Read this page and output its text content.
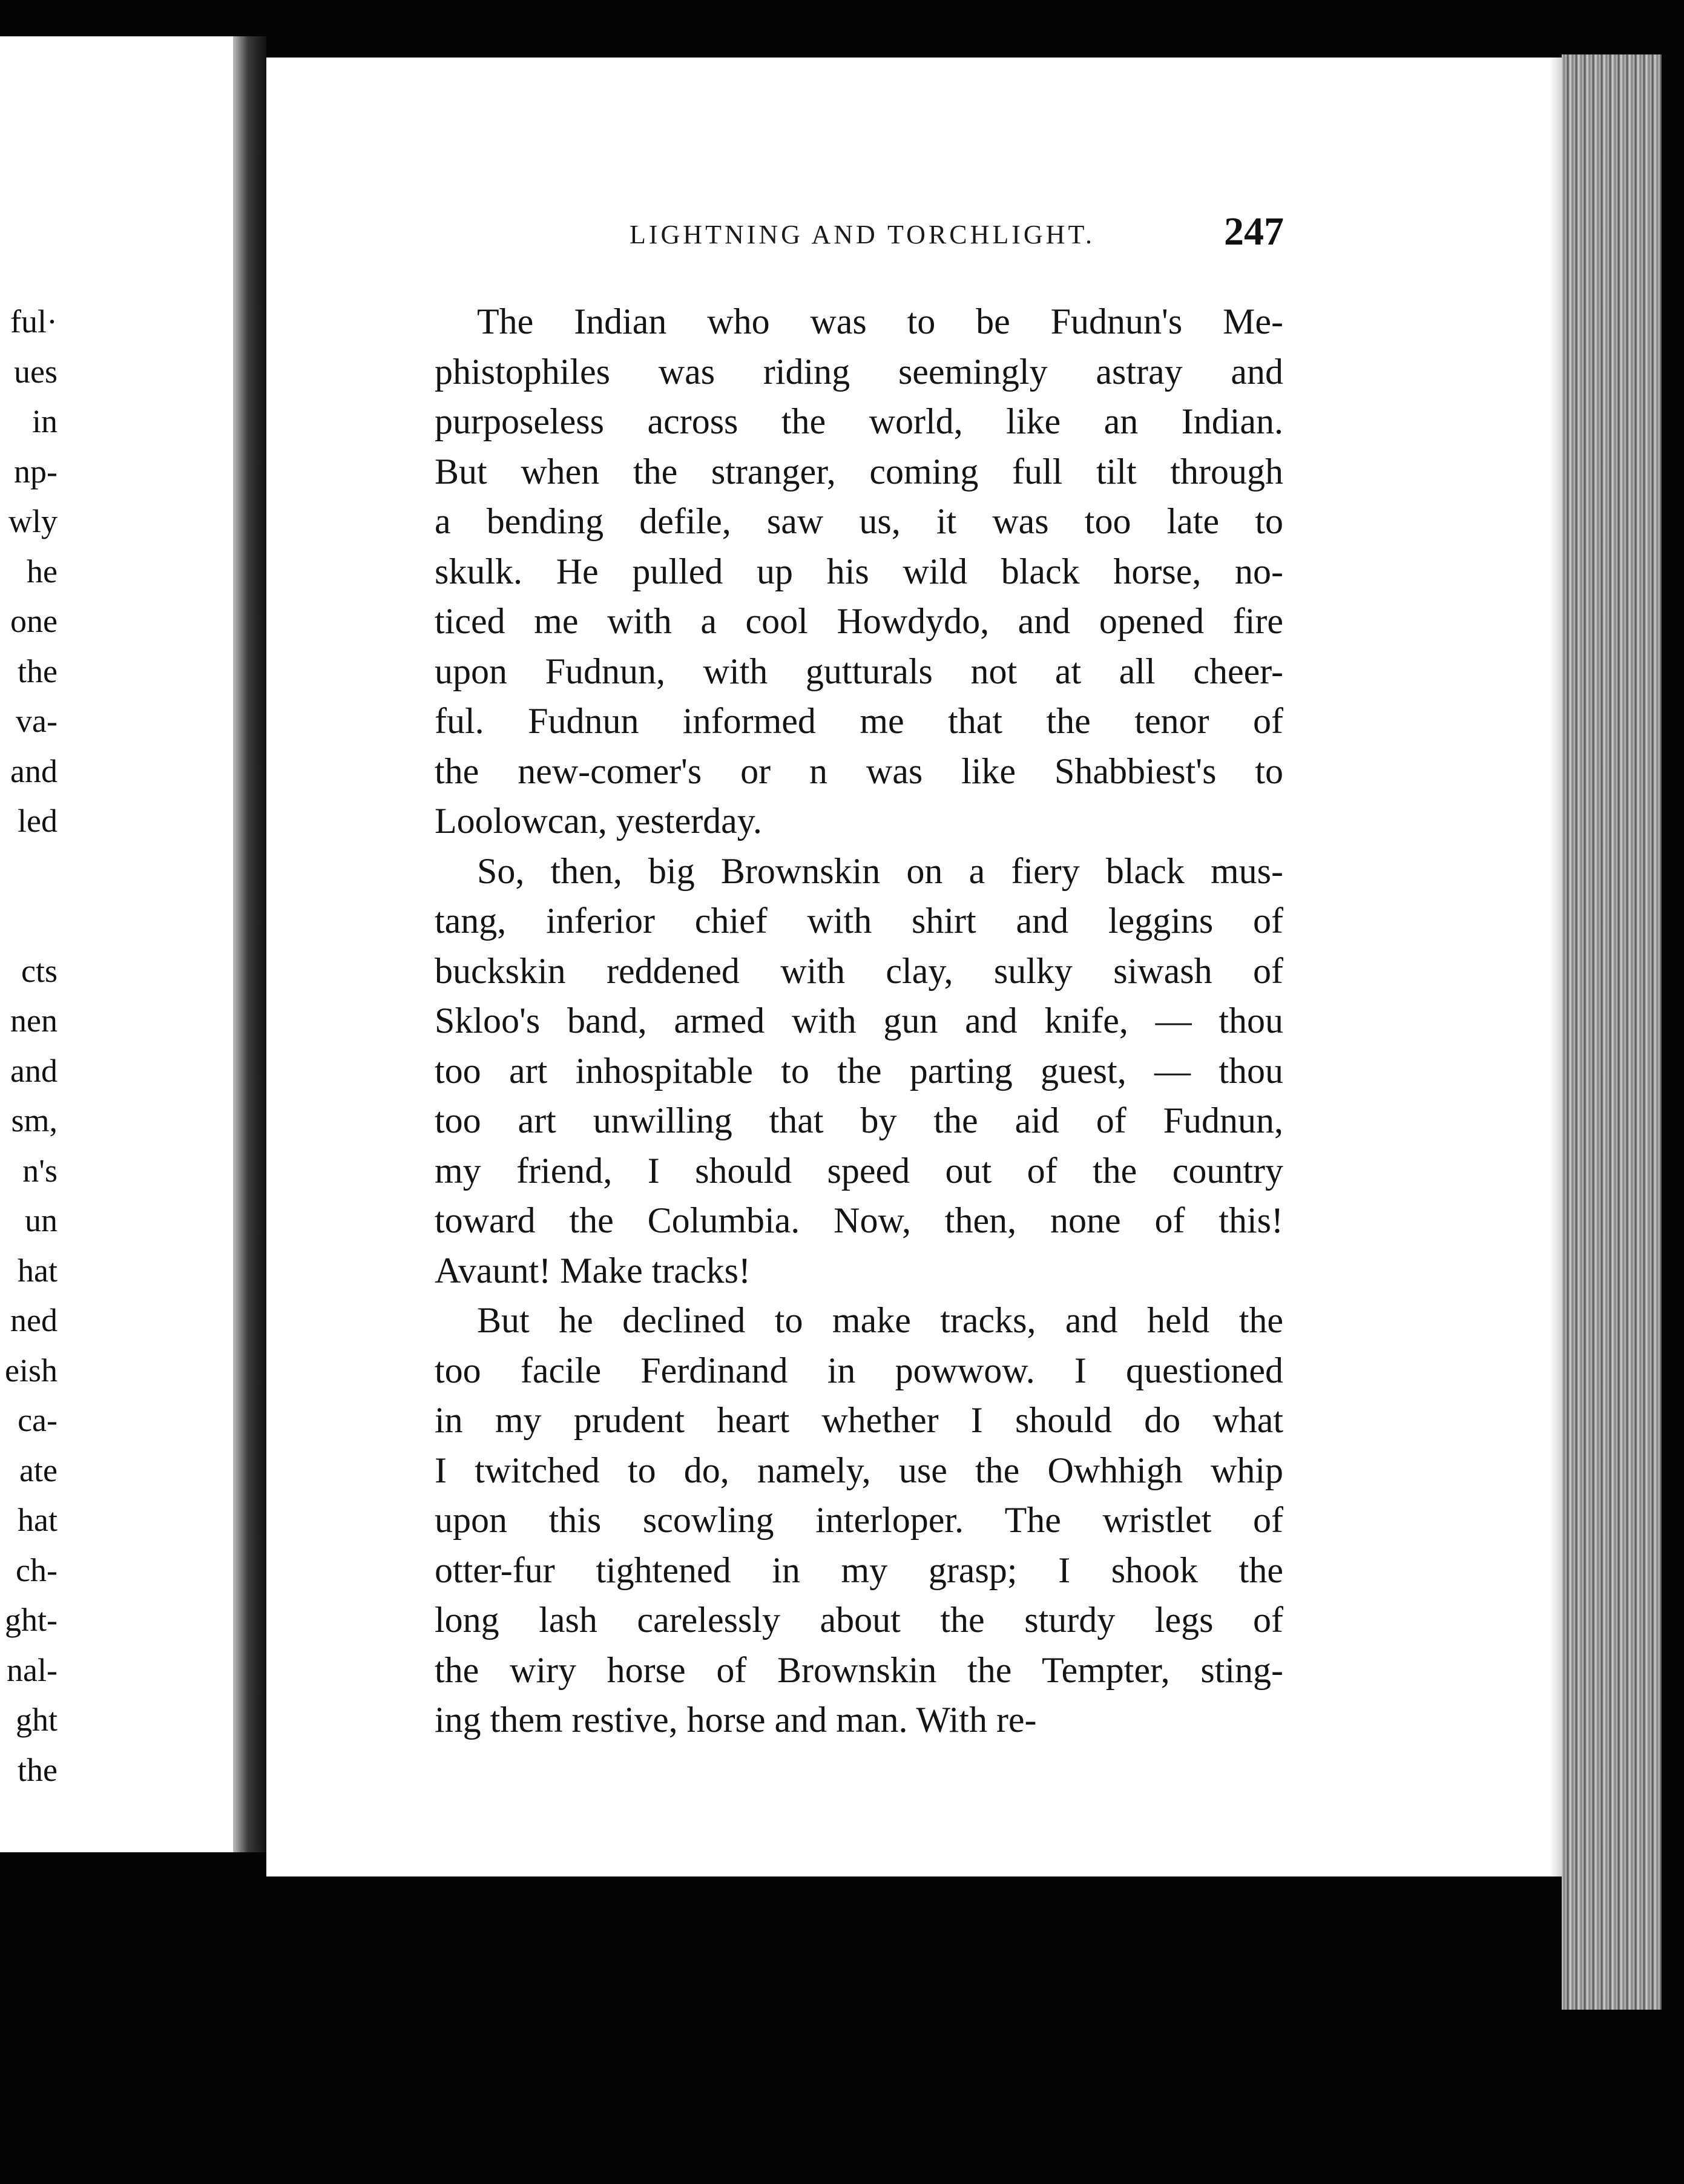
ful·
ues
in
np-
wly
he
one
the
va-
and
led
cts
nen
and
sm,
n's
un
hat
ned
eish
ca-
ate
hat
ch-
ght-
nal-
ght
the
LIGHTNING AND TORCHLIGHT.	247
The Indian who was to be Fudnun's Me-
phistophiles was riding seemingly astray and
purposeless across the world, like an Indian.
But when the stranger, coming full tilt through
a bending defile, saw us, it was too late to
skulk. He pulled up his wild black horse, no-
ticed me with a cool Howdydo, and opened fire
upon Fudnun, with gutturals not at all cheer-
ful. Fudnun informed me that the tenor of
the new-comer's or n was like Shabbiest's to
Loolowcan, yesterday.
So, then, big Brownskin on a fiery black mus-
tang, inferior chief with shirt and leggins of
buckskin reddened with clay, sulky siwash of
Skloo's band, armed with gun and knife, — thou
too art inhospitable to the parting guest, — thou
too art unwilling that by the aid of Fudnun,
my friend, I should speed out of the country
toward the Columbia. Now, then, none of this!
Avaunt! Make tracks!
But he declined to make tracks, and held the
too facile Ferdinand in powwow. I questioned
in my prudent heart whether I should do what
I twitched to do, namely, use the Owhhigh whip
upon this scowling interloper. The wristlet of
otter-fur tightened in my grasp; I shook the
long lash carelessly about the sturdy legs of
the wiry horse of Brownskin the Tempter, sting-
ing them restive, horse and man. With re-
